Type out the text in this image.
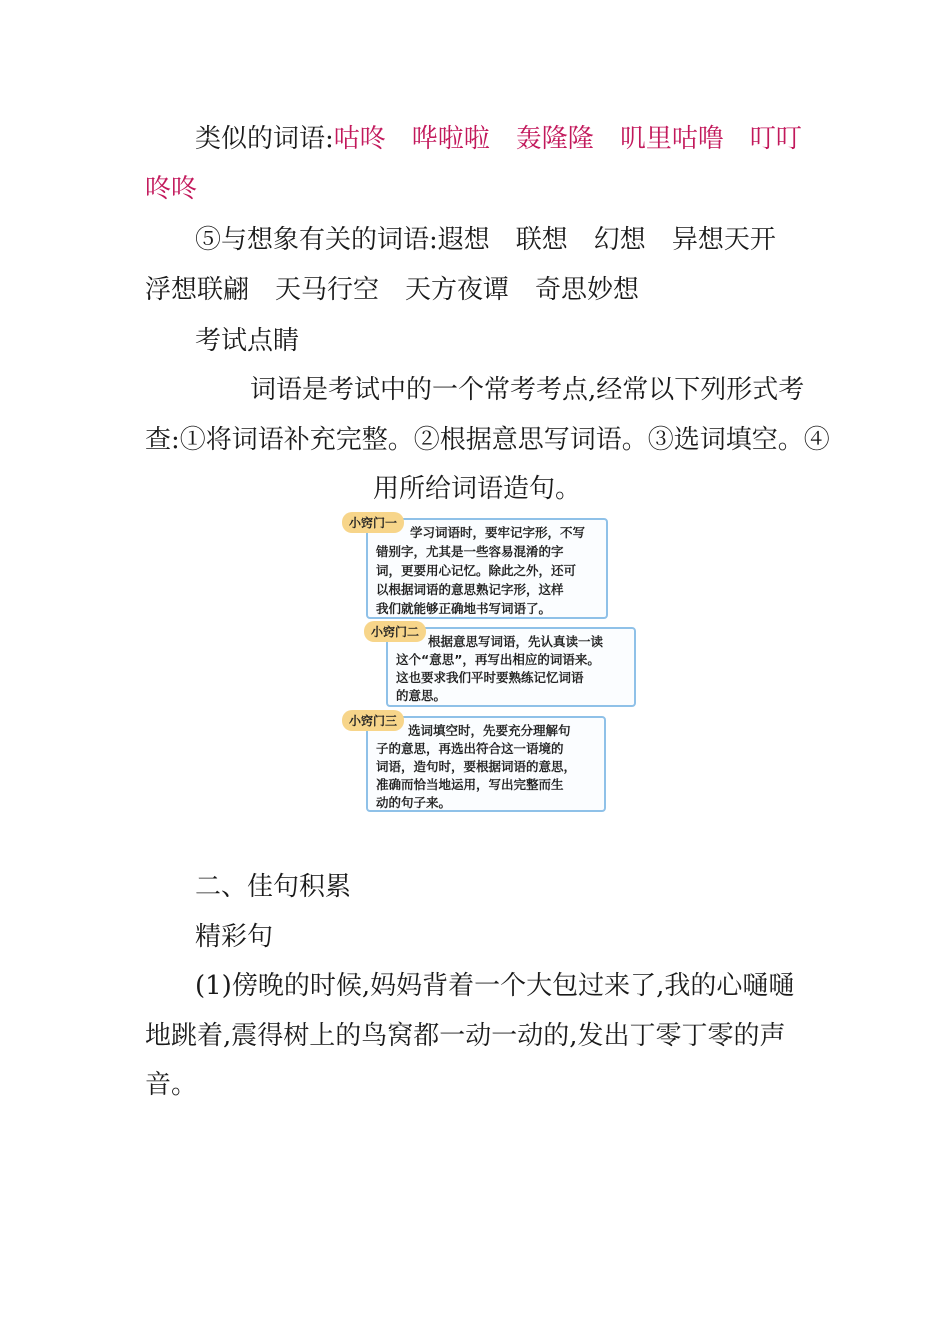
类似的词语:咕咚 哗啦啦 轰隆隆 叽里咕噜 叮叮
咚咚
⑤与想象有关的词语:遐想 联想 幻想 异想天开
浮想联翩 天马行空 天方夜谭 奇思妙想
考试点睛
词语是考试中的一个常考考点,经常以下列形式考
查:①将词语补充完整。②根据意思写词语。③选词填空。④
用所给词语造句。
学习词语时，要牢记字形，不写
错别字，尤其是一些容易混淆的字
词，更要用心记忆。除此之外，还可
以根据词语的意思熟记字形，这样
我们就能够正确地书写词语了。
小窍门一
根据意思写词语，先认真读一读
这个“意思”，再写出相应的词语来。
这也要求我们平时要熟练记忆词语
的意思。
小窍门二
选词填空时，先要充分理解句
子的意思，再选出符合这一语境的
词语，造句时，要根据词语的意思，
准确而恰当地运用，写出完整而生
动的句子来。
小窍门三
二、佳句积累
精彩句
(1)傍晚的时候,妈妈背着一个大包过来了,我的心嗵嗵
地跳着,震得树上的鸟窝都一动一动的,发出丁零丁零的声
音。
